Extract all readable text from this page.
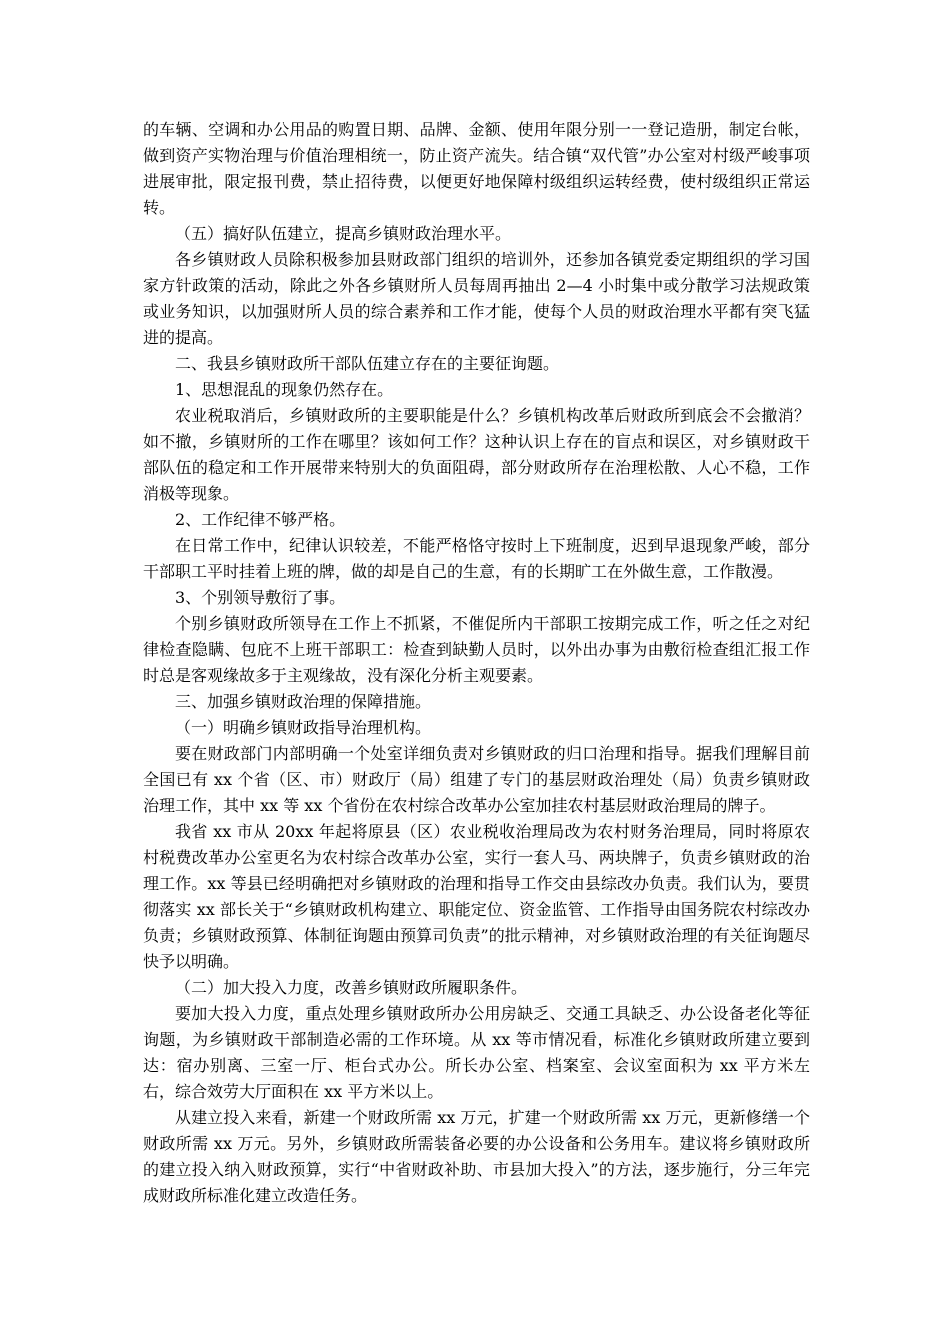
的车辆、空调和办公用品的购置日期、品牌、金额、使用年限分别一一登记造册，制定台帐，做到资产实物治理与价值治理相统一，防止资产流失。结合镇“双代管”办公室对村级严峻事项进展审批，限定报刊费，禁止招待费，以便更好地保障村级组织运转经费，使村级组织正常运转。

（五）搞好队伍建立，提高乡镇财政治理水平。

各乡镇财政人员除积极参加县财政部门组织的培训外，还参加各镇党委定期组织的学习国家方针政策的活动，除此之外各乡镇财所人员每周再抽出 2—4 小时集中或分散学习法规政策或业务知识，以加强财所人员的综合素养和工作才能，使每个人员的财政治理水平都有突飞猛进的提高。

二、我县乡镇财政所干部队伍建立存在的主要征询题。

1、思想混乱的现象仍然存在。

农业税取消后，乡镇财政所的主要职能是什么？乡镇机构改革后财政所到底会不会撤消？如不撤，乡镇财所的工作在哪里？该如何工作？这种认识上存在的盲点和误区，对乡镇财政干部队伍的稳定和工作开展带来特别大的负面阻碍，部分财政所存在治理松散、人心不稳，工作消极等现象。

2、工作纪律不够严格。

在日常工作中，纪律认识较差，不能严格恪守按时上下班制度，迟到早退现象严峻，部分干部职工平时挂着上班的牌，做的却是自己的生意，有的长期旷工在外做生意，工作散漫。

3、个别领导敷衍了事。

个别乡镇财政所领导在工作上不抓紧，不催促所内干部职工按期完成工作，听之任之对纪律检查隐瞒、包庇不上班干部职工：检查到缺勤人员时，以外出办事为由敷衍检查组汇报工作时总是客观缘故多于主观缘故，没有深化分析主观要素。

三、加强乡镇财政治理的保障措施。

（一）明确乡镇财政指导治理机构。

要在财政部门内部明确一个处室详细负责对乡镇财政的归口治理和指导。据我们理解目前全国已有 xx 个省（区、市）财政厅（局）组建了专门的基层财政治理处（局）负责乡镇财政治理工作，其中 xx 等 xx 个省份在农村综合改革办公室加挂农村基层财政治理局的牌子。

我省 xx 市从 20xx 年起将原县（区）农业税收治理局改为农村财务治理局，同时将原农村税费改革办公室更名为农村综合改革办公室，实行一套人马、两块牌子，负责乡镇财政的治理工作。xx 等县已经明确把对乡镇财政的治理和指导工作交由县综改办负责。我们认为，要贯彻落实 xx 部长关于“乡镇财政机构建立、职能定位、资金监管、工作指导由国务院农村综改办负责；乡镇财政预算、体制征询题由预算司负责”的批示精神，对乡镇财政治理的有关征询题尽快予以明确。

（二）加大投入力度，改善乡镇财政所履职条件。

要加大投入力度，重点处理乡镇财政所办公用房缺乏、交通工具缺乏、办公设备老化等征询题，为乡镇财政干部制造必需的工作环境。从 xx 等市情况看，标准化乡镇财政所建立要到达：宿办别离、三室一厅、柜台式办公。所长办公室、档案室、会议室面积为 xx 平方米左右，综合效劳大厅面积在 xx 平方米以上。

从建立投入来看，新建一个财政所需 xx 万元，扩建一个财政所需 xx 万元，更新修缮一个财政所需 xx 万元。另外，乡镇财政所需装备必要的办公设备和公务用车。建议将乡镇财政所的建立投入纳入财政预算，实行“中省财政补助、市县加大投入”的方法，逐步施行，分三年完成财政所标准化建立改造任务。
